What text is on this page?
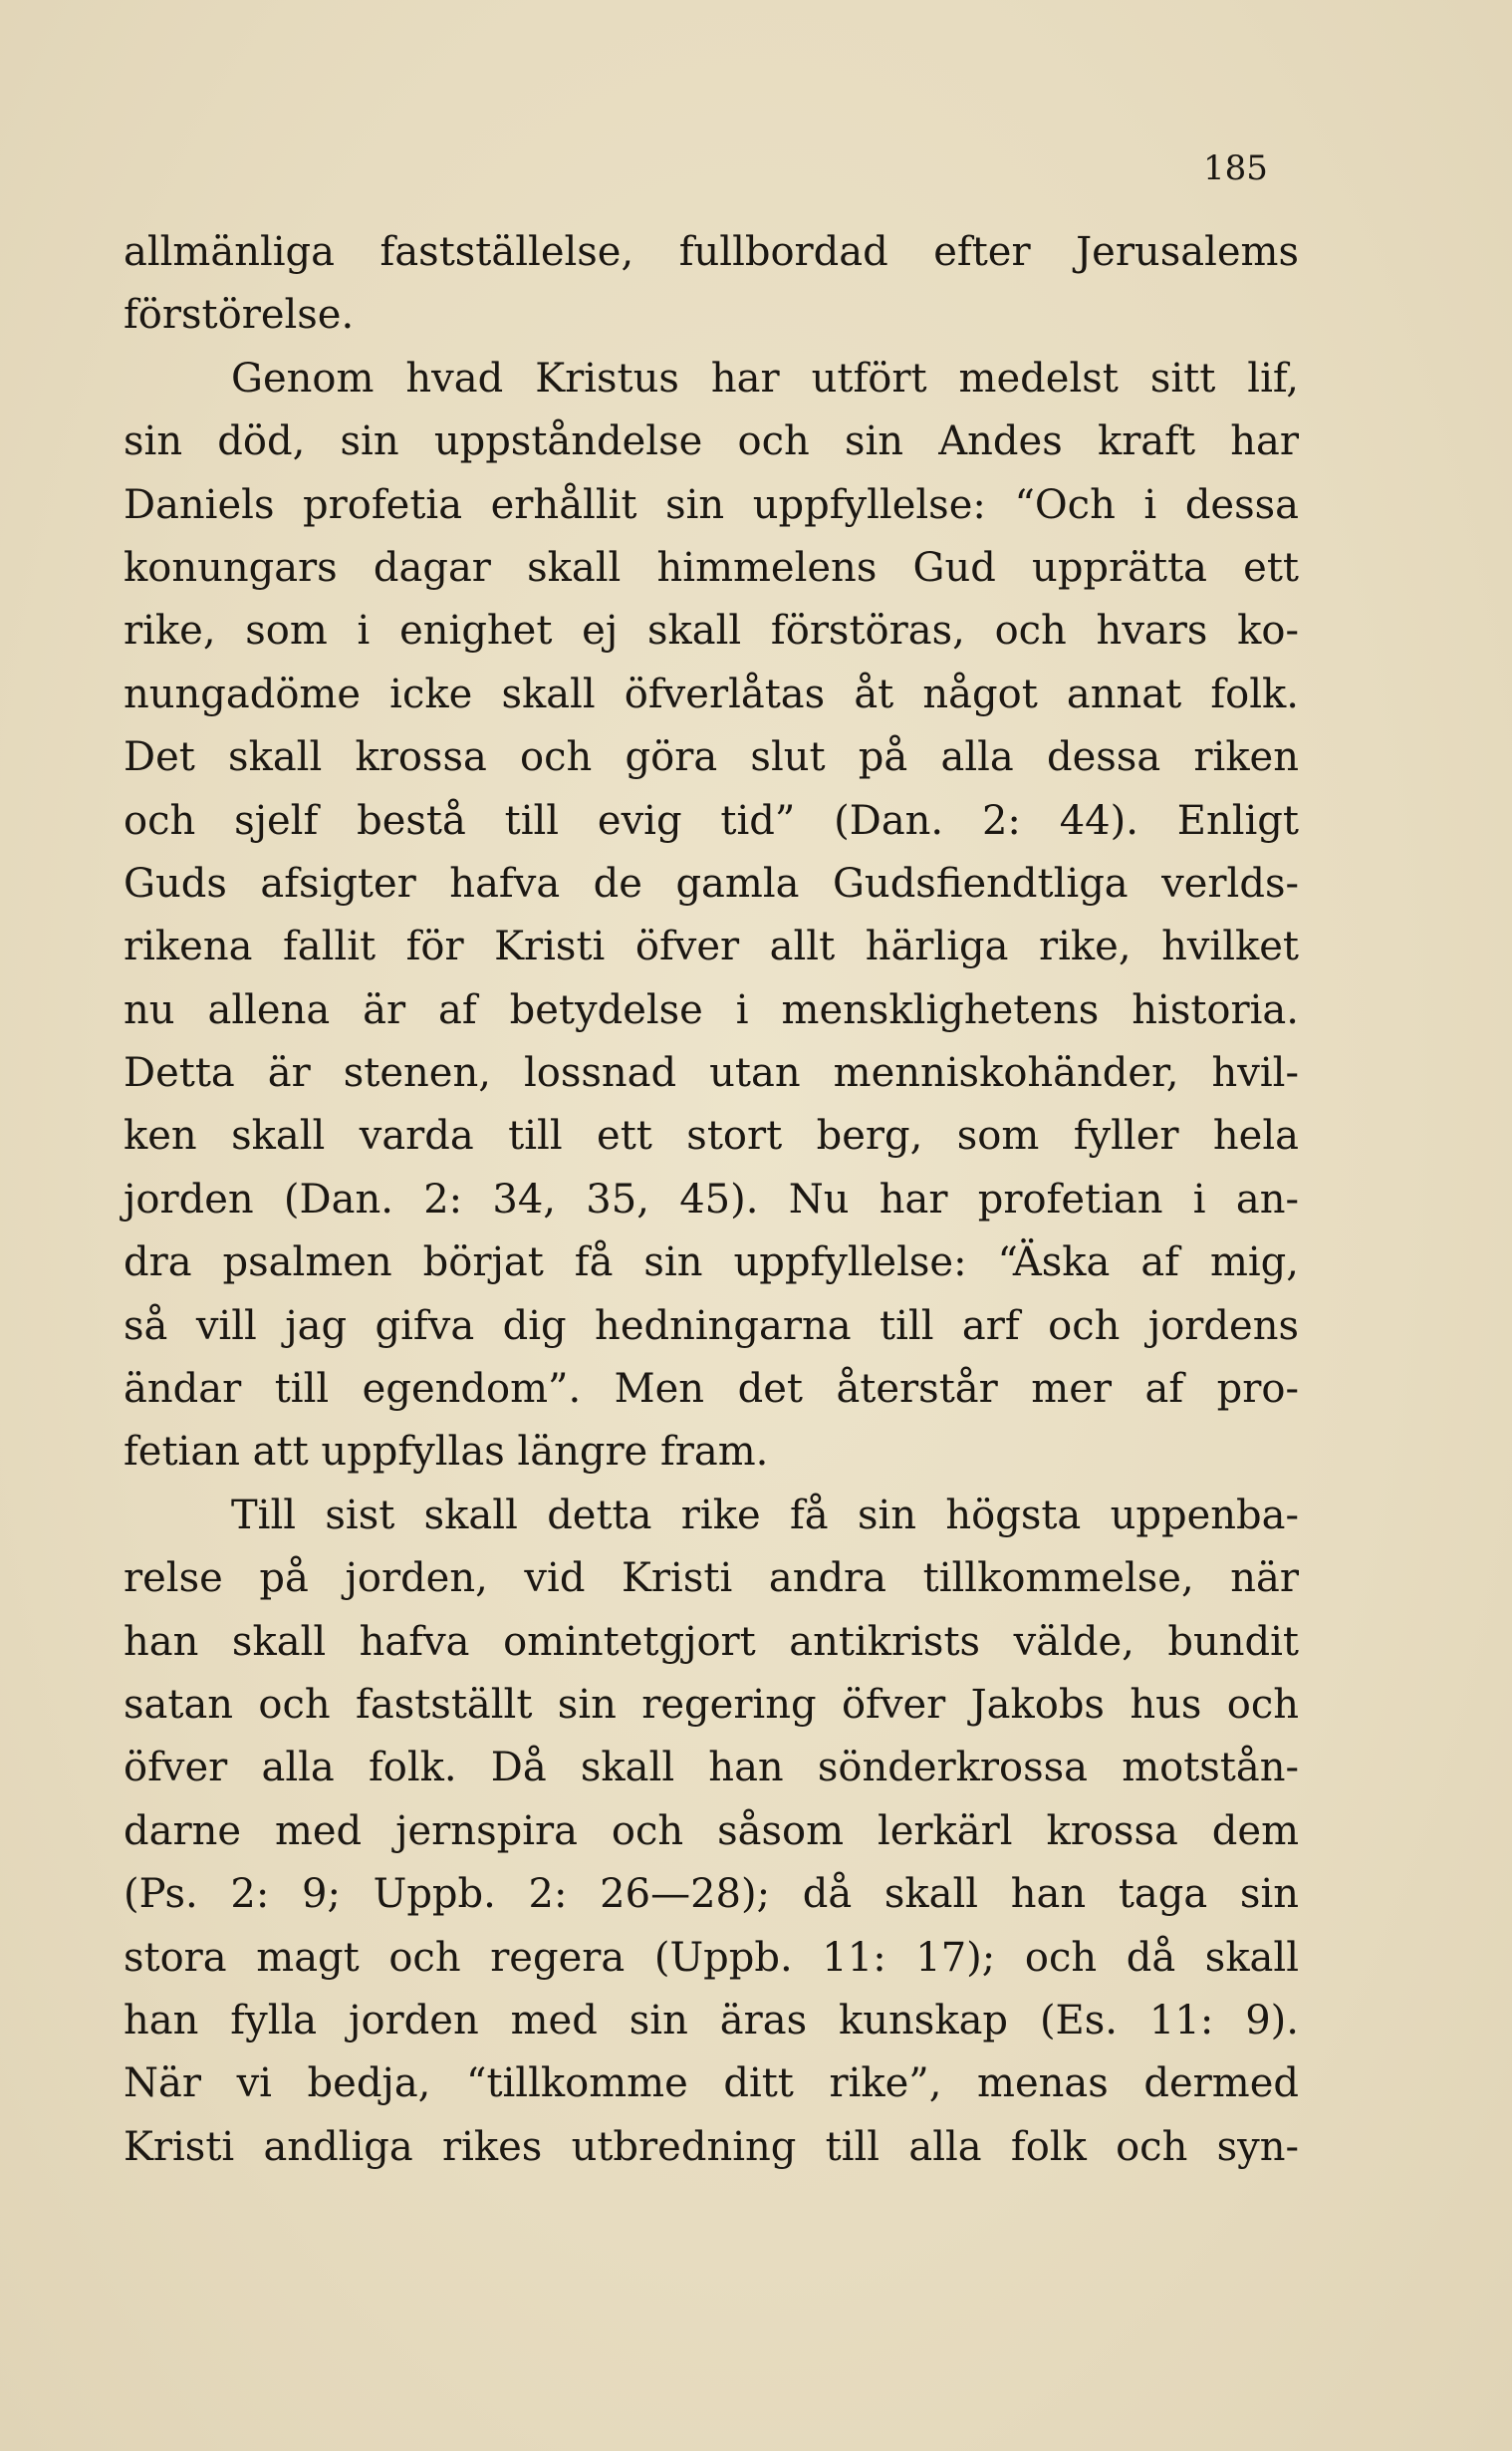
185
allmänliga fastställelse, fullbordad efter Jerusalems
förstörelse.
Genom hvad Kristus har utfört medelst sitt lif,
sin död, sin uppståndelse och sin Andes kraft har
Daniels profetia erhållit sin uppfyllelse: “Och i dessa
konungars dagar skall himmelens Gud upprätta ett
rike, som i enighet ej skall förstöras, och hvars ko-
nungadöme icke skall öfverlåtas åt något annat folk.
Det skall krossa och göra slut på alla dessa riken
och sjelf bestå till evig tid” (Dan. 2: 44). Enligt
Guds afsigter hafva de gamla Gudsfiendtliga verlds-
rikena fallit för Kristi öfver allt härliga rike, hvilket
nu allena är af betydelse i mensklighetens historia.
Detta är stenen, lossnad utan menniskohänder, hvil-
ken skall varda till ett stort berg, som fyller hela
jorden (Dan. 2: 34, 35, 45). Nu har profetian i an-
dra psalmen börjat få sin uppfyllelse: “Äska af mig,
så vill jag gifva dig hedningarna till arf och jordens
ändar till egendom”. Men det återstår mer af pro-
fetian att uppfyllas längre fram.
Till sist skall detta rike få sin högsta uppenba-
relse på jorden, vid Kristi andra tillkommelse, när
han skall hafva omintetgjort antikrists välde, bundit
satan och fastställt sin regering öfver Jakobs hus och
öfver alla folk. Då skall han sönderkrossa motstån-
darne med jernspira och såsom lerkärl krossa dem
(Ps. 2: 9; Uppb. 2: 26—28); då skall han taga sin
stora magt och regera (Uppb. 11: 17); och då skall
han fylla jorden med sin äras kunskap (Es. 11: 9).
När vi bedja, “tillkomme ditt rike”, menas dermed
Kristi andliga rikes utbredning till alla folk och syn-
